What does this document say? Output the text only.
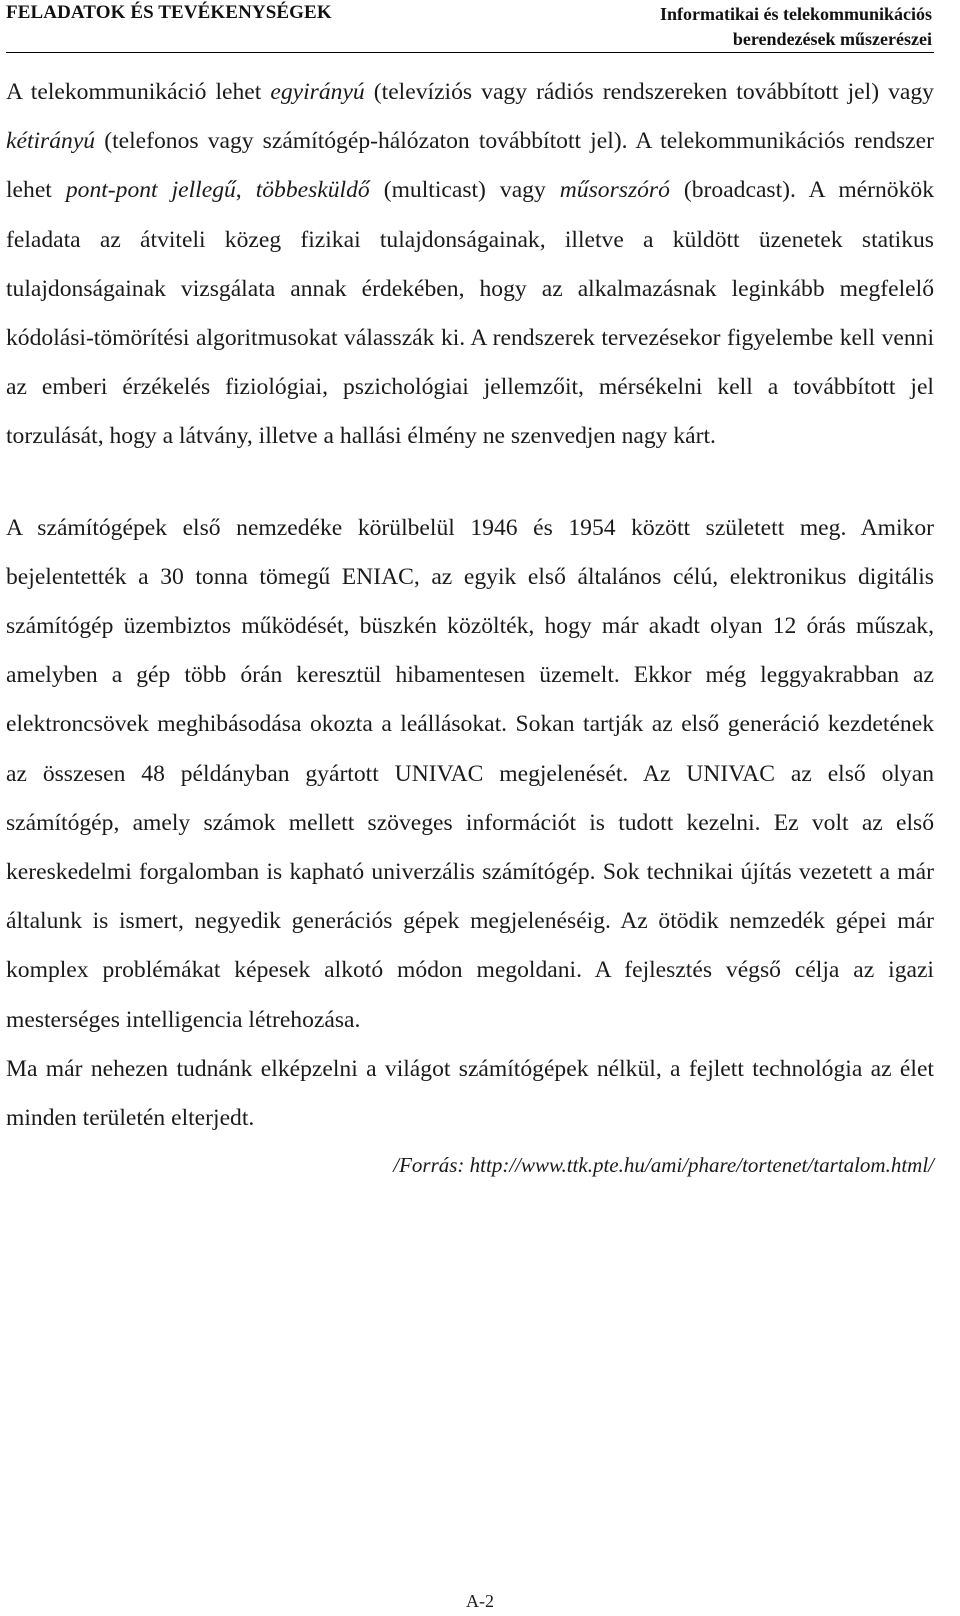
FELADATOK ÉS TEVÉKENYSÉGEK	Informatikai és telekommunikációs
berendezések műszerészei

A telekommunikáció lehet egyirányú (televíziós vagy rádiós rendszereken továbbított jel) vagy kétirányú (telefonos vagy számítógép-hálózaton továbbított jel). A telekommunikációs rendszer lehet pont-pont jellegű, többesküldő (multicast) vagy műsorszóró (broadcast). A mérnökök feladata az átviteli közeg fizikai tulajdonságainak, illetve a küldött üzenetek statikus tulajdonságainak vizsgálata annak érdekében, hogy az alkalmazásnak leginkább megfelelő kódolási-tömörítési algoritmusokat válasszák ki. A rendszerek tervezésekor figyelembe kell venni az emberi érzékelés fiziológiai, pszichológiai jellemzőit, mérsékelni kell a továbbított jel torzulását, hogy a látvány, illetve a hallási élmény ne szenvedjen nagy kárt.

A számítógépek első nemzedéke körülbelül 1946 és 1954 között született meg. Amikor bejelentették a 30 tonna tömegű ENIAC, az egyik első általános célú, elektronikus digitális számítógép üzembiztos működését, büszkén közölték, hogy már akadt olyan 12 órás műszak, amelyben a gép több órán keresztül hibamentesen üzemelt. Ekkor még leggyakrabban az elektroncsövek meghibásodása okozta a leállásokat. Sokan tartják az első generáció kezdetének az összesen 48 példányban gyártott UNIVAC megjelenését. Az UNIVAC az első olyan számítógép, amely számok mellett szöveges információt is tudott kezelni. Ez volt az első kereskedelmi forgalomban is kapható univerzális számítógép. Sok technikai újítás vezetett a már általunk is ismert, negyedik generációs gépek megjelenéséig. Az ötödik nemzedék gépei már komplex problémákat képesek alkotó módon megoldani. A fejlesztés végső célja az igazi mesterséges intelligencia létrehozása.

Ma már nehezen tudnánk elképzelni a világot számítógépek nélkül, a fejlett technológia az élet minden területén elterjedt.

/Forrás: http://www.ttk.pte.hu/ami/phare/tortenet/tartalom.html/

A-2
